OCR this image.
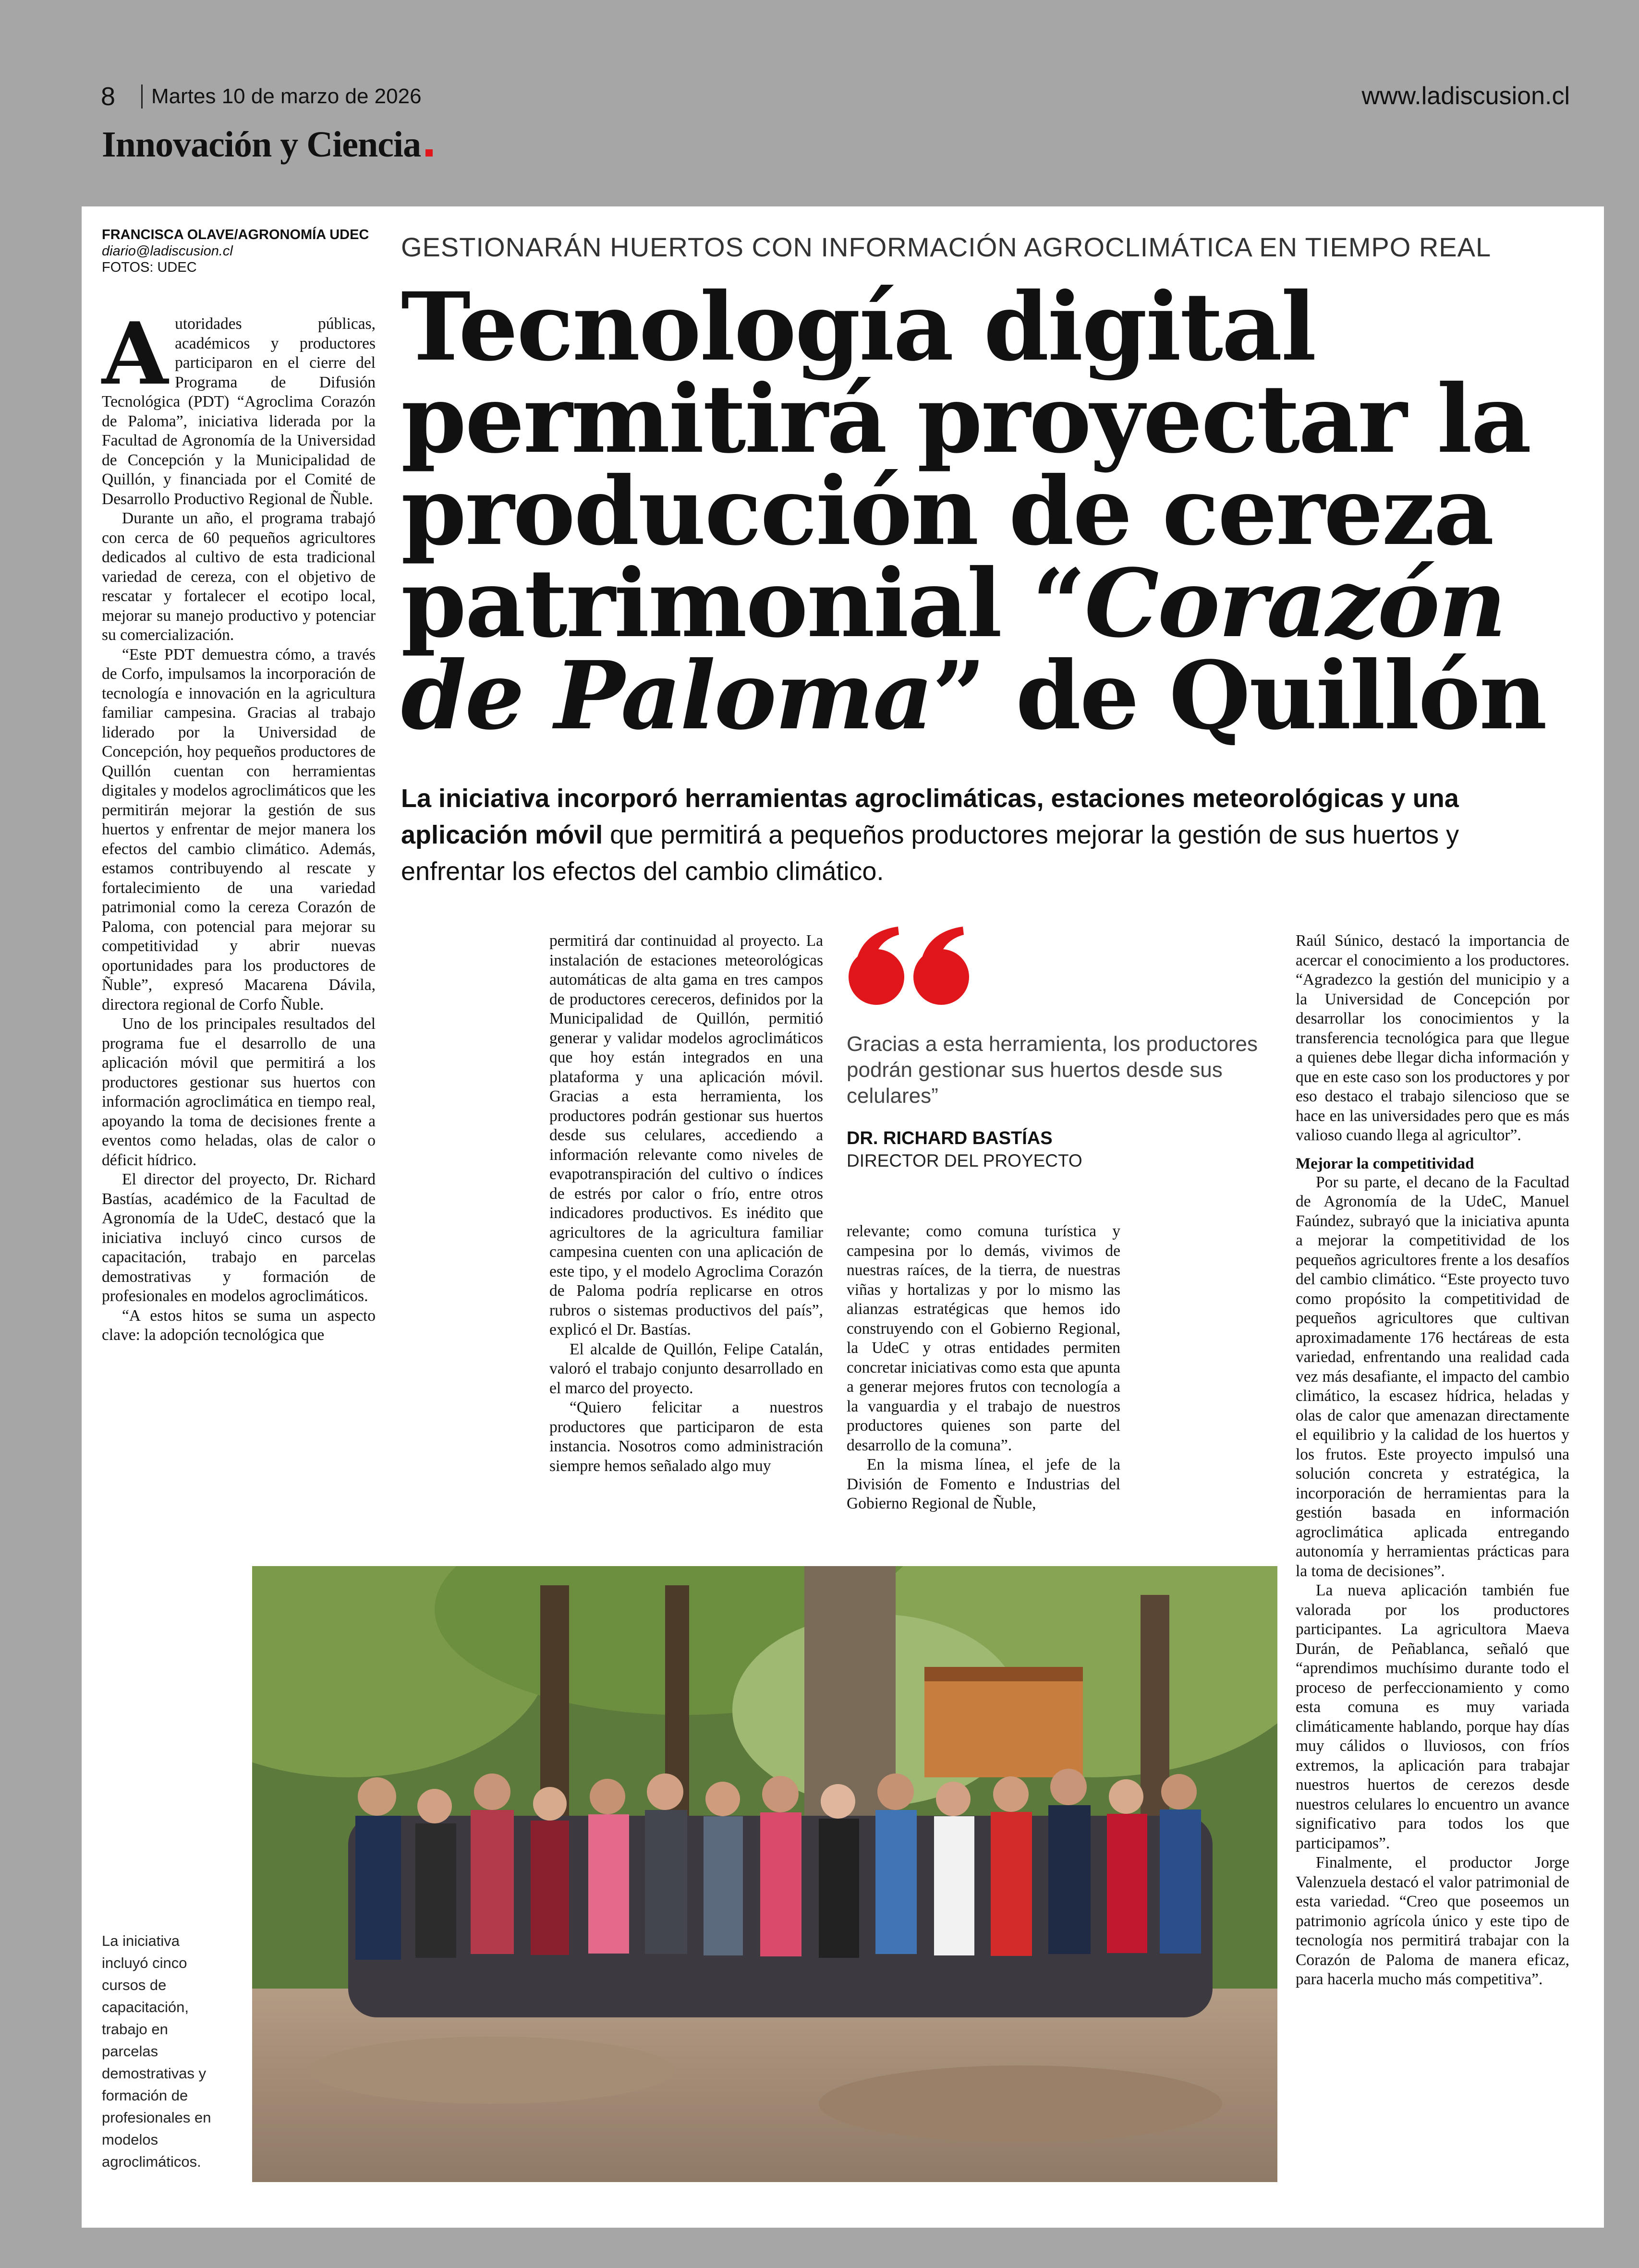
8 Martes 10 de marzo de 2026	www.ladiscusion.cl
Innovación y Ciencia
FRANCISCA OLAVE/AGRONOMÍA UDEC
diario@ladiscusion.cl
FOTOS: UDEC
GESTIONARÁN HUERTOS CON INFORMACIÓN AGROCLIMÁTICA EN TIEMPO REAL
Tecnología digital
permitirá proyectar la
producción de cereza
patrimonial “Corazón
de Paloma” de Quillón
La iniciativa incorporó herramientas agroclimáticas, estaciones meteorológicas y una aplicación móvil que permitirá a pequeños productores mejorar la gestión de sus huertos y enfrentar los efectos del cambio climático.

Autoridades públicas, académicos y productores participaron en el cierre del Programa de Difusión Tecnológica (PDT) “Agroclima Corazón de Paloma”, iniciativa liderada por la Facultad de Agronomía de la Universidad de Concepción y la Municipalidad de Quillón, y financiada por el Comité de Desarrollo Productivo Regional de Ñuble.

Durante un año, el programa trabajó con cerca de 60 pequeños agricultores dedicados al cultivo de esta tradicional variedad de cereza, con el objetivo de rescatar y fortalecer el ecotipo local, mejorar su manejo productivo y potenciar su comercialización.

“Este PDT demuestra cómo, a través de Corfo, impulsamos la incorporación de tecnología e innovación en la agricultura familiar campesina. Gracias al trabajo liderado por la Universidad de Concepción, hoy pequeños productores de Quillón cuentan con herramientas digitales y modelos agroclimáticos que les permitirán mejorar la gestión de sus huertos y enfrentar de mejor manera los efectos del cambio climático. Además, estamos contribuyendo al rescate y fortalecimiento de una variedad patrimonial como la cereza Corazón de Paloma, con potencial para mejorar su competitividad y abrir nuevas oportunidades para los productores de Ñuble”, expresó Macarena Dávila, directora regional de Corfo Ñuble.

Uno de los principales resultados del programa fue el desarrollo de una aplicación móvil que permitirá a los productores gestionar sus huertos con información agroclimática en tiempo real, apoyando la toma de decisiones frente a eventos como heladas, olas de calor o déficit hídrico.

El director del proyecto, Dr. Richard Bastías, académico de la Facultad de Agronomía de la UdeC, destacó que la iniciativa incluyó cinco cursos de capacitación, trabajo en parcelas demostrativas y formación de profesionales en modelos agroclimáticos.

“A estos hitos se suma un aspecto clave: la adopción tecnológica que

permitirá dar continuidad al proyecto. La instalación de estaciones meteorológicas automáticas de alta gama en tres campos de productores cereceros, definidos por la Municipalidad de Quillón, permitió generar y validar modelos agroclimáticos que hoy están integrados en una plataforma y una aplicación móvil. Gracias a esta herramienta, los productores podrán gestionar sus huertos desde sus celulares, accediendo a información relevante como niveles de evapotranspiración del cultivo o índices de estrés por calor o frío, entre otros indicadores productivos. Es inédito que agricultores de la agricultura familiar campesina cuenten con una aplicación de este tipo, y el modelo Agroclima Corazón de Paloma podría replicarse en otros rubros o sistemas productivos del país”, explicó el Dr. Bastías.

El alcalde de Quillón, Felipe Catalán, valoró el trabajo conjunto desarrollado en el marco del proyecto.

“Quiero felicitar a nuestros productores que participaron de esta instancia. Nosotros como administración siempre hemos señalado algo muy

Gracias a esta herramienta, los productores podrán gestionar sus huertos desde sus celulares”
DR. RICHARD BASTÍAS
DIRECTOR DEL PROYECTO

relevante; como comuna turística y campesina por lo demás, vivimos de nuestras raíces, de la tierra, de nuestras viñas y hortalizas y por lo mismo las alianzas estratégicas que hemos ido construyendo con el Gobierno Regional, la UdeC y otras entidades permiten concretar iniciativas como esta que apunta a generar mejores frutos con tecnología a la vanguardia y el trabajo de nuestros productores quienes son parte del desarrollo de la comuna”.

En la misma línea, el jefe de la División de Fomento e Industrias del Gobierno Regional de Ñuble,

Raúl Súnico, destacó la importancia de acercar el conocimiento a los productores. “Agradezco la gestión del municipio y a la Universidad de Concepción por desarrollar los conocimientos y la transferencia tecnológica para que llegue a quienes debe llegar dicha información y que en este caso son los productores y por eso destaco el trabajo silencioso que se hace en las universidades pero que es más valioso cuando llega al agricultor”.

Mejorar la competitividad

Por su parte, el decano de la Facultad de Agronomía de la UdeC, Manuel Faúndez, subrayó que la iniciativa apunta a mejorar la competitividad de los pequeños agricultores frente a los desafíos del cambio climático. “Este proyecto tuvo como propósito la competitividad de pequeños agricultores que cultivan aproximadamente 176 hectáreas de esta variedad, enfrentando una realidad cada vez más desafiante, el impacto del cambio climático, la escasez hídrica, heladas y olas de calor que amenazan directamente el equilibrio y la calidad de los huertos y los frutos. Este proyecto impulsó una solución concreta y estratégica, la incorporación de herramientas para la gestión basada en información agroclimática aplicada entregando autonomía y herramientas prácticas para la toma de decisiones”.

La nueva aplicación también fue valorada por los productores participantes. La agricultora Maeva Durán, de Peñablanca, señaló que “aprendimos muchísimo durante todo el proceso de perfeccionamiento y como esta comuna es muy variada climáticamente hablando, porque hay días muy cálidos o lluviosos, con fríos extremos, la aplicación para trabajar nuestros huertos de cerezos desde nuestros celulares lo encuentro un avance significativo para todos los que participamos”.

Finalmente, el productor Jorge Valenzuela destacó el valor patrimonial de esta variedad. “Creo que poseemos un patrimonio agrícola único y este tipo de tecnología nos permitirá trabajar con la Corazón de Paloma de manera eficaz, para hacerla mucho más competitiva”.

La iniciativa incluyó cinco cursos de capacitación, trabajo en parcelas demostrativas y formación de profesionales en modelos agroclimáticos.
